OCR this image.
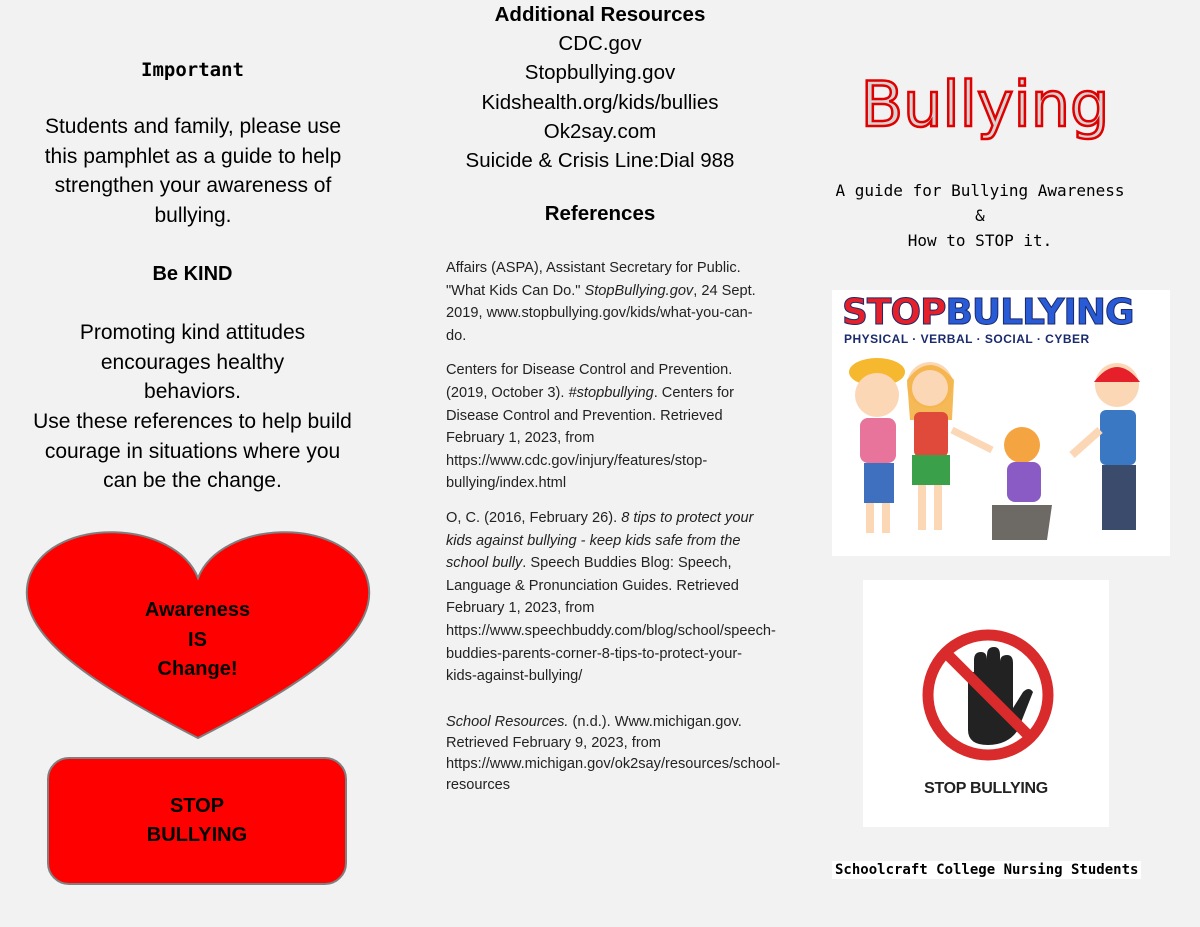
Important
Students and family, please use this pamphlet as a guide to help strengthen your awareness of bullying.
Be KIND
Promoting kind attitudes encourages healthy behaviors.
Use these references to help build courage in situations where you can be the change.
Awareness
IS
Change!
STOP
BULLYING
Additional Resources
CDC.gov
Stopbullying.gov
Kidshealth.org/kids/bullies
Ok2say.com
Suicide & Crisis Line:Dial 988
References

Affairs (ASPA), Assistant Secretary for Public. "What Kids Can Do." StopBullying.gov, 24 Sept. 2019, www.stopbullying.gov/kids/what-you-can-do.

Centers for Disease Control and Prevention. (2019, October 3). #stopbullying. Centers for Disease Control and Prevention. Retrieved February 1, 2023, from https://www.cdc.gov/injury/features/stop-bullying/index.html

O, C. (2016, February 26). 8 tips to protect your kids against bullying - keep kids safe from the school bully. Speech Buddies Blog: Speech, Language & Pronunciation Guides. Retrieved February 1, 2023, from https://www.speechbuddy.com/blog/school/speech-buddies-parents-corner-8-tips-to-protect-your-kids-against-bullying/

School Resources. (n.d.). Www.michigan.gov. Retrieved February 9, 2023, from https://www.michigan.gov/ok2say/resources/school-resources

Bullying
A guide for Bullying Awareness
&
How to STOP it.
STOPBULLYING
PHYSICAL · VERBAL · SOCIAL · CYBER
STOP BULLYING
Schoolcraft College Nursing Students
